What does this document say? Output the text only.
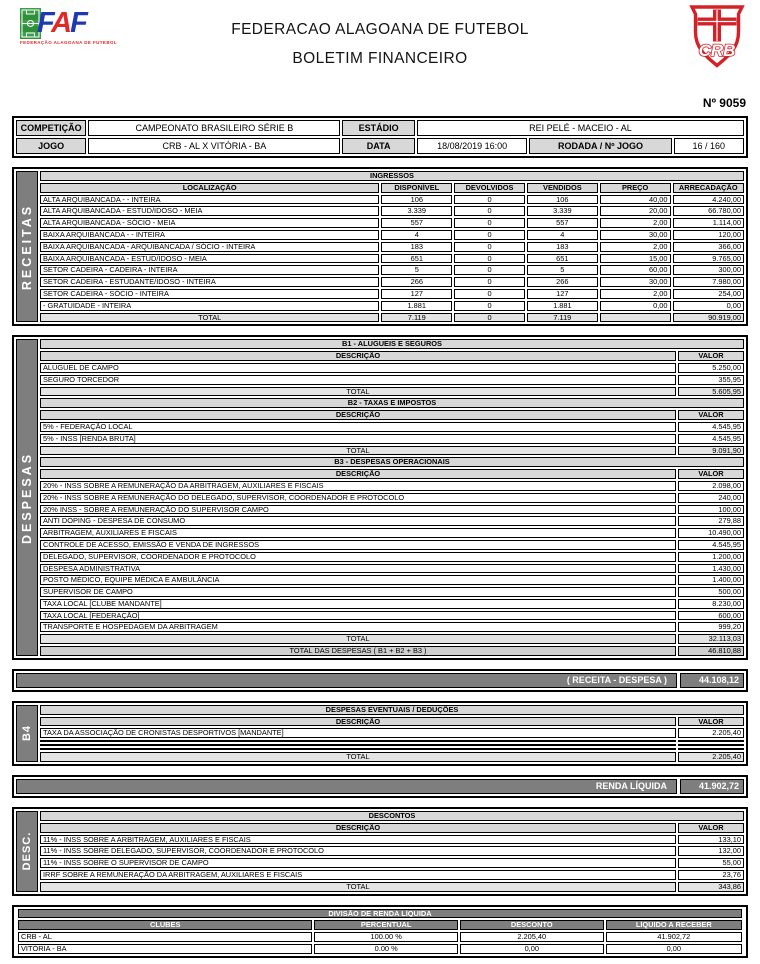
FAF
FEDERAÇÃO ALAGOANA DE FUTEBOL
FEDERACAO ALAGOANA DE FUTEBOL
BOLETIM FINANCEIRO	CRB
Nº 9059
COMPETIÇÃO	CAMPEONATO BRASILEIRO SÉRIE B	ESTÁDIO	REI PELÉ - MACEIO - AL		
JOGO	CRB - AL X VITÓRIA - BA	DATA	18/08/2019 16:00	RODADA / Nº JOGO	16 / 160
RECEITAS
INGRESSOS					
LOCALIZAÇÃO	DISPONÍVEL	DEVOLVIDOS	VENDIDOS	PREÇO	ARRECADAÇÃO
ALTA ARQUIBANCADA - - INTEIRA	106	0	106	40,00	4.240,00
ALTA ARQUIBANCADA - ESTUD/IDOSO - MEIA	3.339	0	3.339	20,00	66.780,00
ALTA ARQUIBANCADA - SÓCIO - MEIA	557	0	557	2,00	1.114,00
BAIXA ARQUIBANCADA - - INTEIRA	4	0	4	30,00	120,00
BAIXA ARQUIBANCADA - ARQUIBANCADA / SÓCIO - INTEIRA	183	0	183	2,00	366,00
BAIXA ARQUIBANCADA - ESTUD/IDOSO - MEIA	651	0	651	15,00	9.765,00
SETOR CADEIRA - CADEIRA - INTEIRA	5	0	5	60,00	300,00
SETOR CADEIRA - ESTUDANTE/IDOSO - INTEIRA	266	0	266	30,00	7.980,00
SETOR CADEIRA - SÓCIO - INTEIRA	127	0	127	2,00	254,00
- GRATUIDADE - INTEIRA	1.881	0	1.881	0,00	0,00
TOTAL	7.119	0	7.119		90.919,00
DESPESAS
B1 - ALUGUEIS E SEGUROS	
DESCRIÇÃO	VALOR
ALUGUEL DE CAMPO	5.250,00
SEGURO TORCEDOR	355,95
TOTAL	5.605,95
B2 - TAXAS E IMPOSTOS	
DESCRIÇÃO	VALOR
5% - FEDERAÇÃO LOCAL	4.545,95
5% - INSS [RENDA BRUTA]	4.545,95
TOTAL	9.091,90
B3 - DESPESAS OPERACIONAIS	
DESCRIÇÃO	VALOR
20% - INSS SOBRE A REMUNERAÇÃO DA ARBITRAGEM, AUXILIARES E FISCAIS	2.098,00
20% - INSS SOBRE A REMUNERAÇÃO DO DELEGADO, SUPERVISOR, COORDENADOR E PROTOCOLO	240,00
20% INSS - SOBRE A REMUNERAÇÃO DO SUPERVISOR CAMPO	100,00
ANTI DOPING - DESPESA DE CONSUMO	279,88
ARBITRAGEM, AUXILIARES E FISCAIS	10.490,00
CONTROLE DE ACESSO, EMISSÃO E VENDA DE INGRESSOS	4.545,95
DELEGADO, SUPERVISOR, COORDENADOR E PROTOCOLO	1.200,00
DESPESA ADMINISTRATIVA	1.430,00
POSTO MÉDICO, EQUIPE MÉDICA E AMBULÂNCIA	1.400,00
SUPERVISOR DE CAMPO	500,00
TAXA LOCAL [CLUBE MANDANTE]	8.230,00
TAXA LOCAL [FEDERAÇÃO]	600,00
TRANSPORTE E HOSPEDAGEM DA ARBITRAGEM	999,20
TOTAL	32.113,03
TOTAL DAS DESPESAS ( B1 + B2 + B3 )	46.810,88
( RECEITA - DESPESA )	44.108,12
B4
DESPESAS EVENTUAIS / DEDUÇÕES	
DESCRIÇÃO	VALOR
TAXA DA ASSOCIAÇÃO DE CRONISTAS DESPORTIVOS [MANDANTE]	2.205,40

TOTAL	2.205,40
RENDA LÍQUIDA	41.902,72
DESC.
DESCONTOS	
DESCRIÇÃO	VALOR
11% - INSS SOBRE A ARBITRAGEM, AUXILIARES E FISCAIS	133,10
11% - INSS SOBRE DELEGADO, SUPERVISOR, COORDENADOR E PROTOCOLO	132,00
11% - INSS SOBRE O SUPERVISOR DE CAMPO	55,00
IRRF SOBRE A REMUNERAÇÃO DA ARBITRAGEM, AUXILIARES E FISCAIS	23,76
TOTAL	343,86
DIVISÃO DE RENDA LÍQUIDA			
CLUBES	PERCENTUAL	DESCONTO	LÍQUIDO A RECEBER
CRB - AL	100.00 %	2.205,40	41.902,72
VITÓRIA - BA	0.00 %	0,00	0,00
